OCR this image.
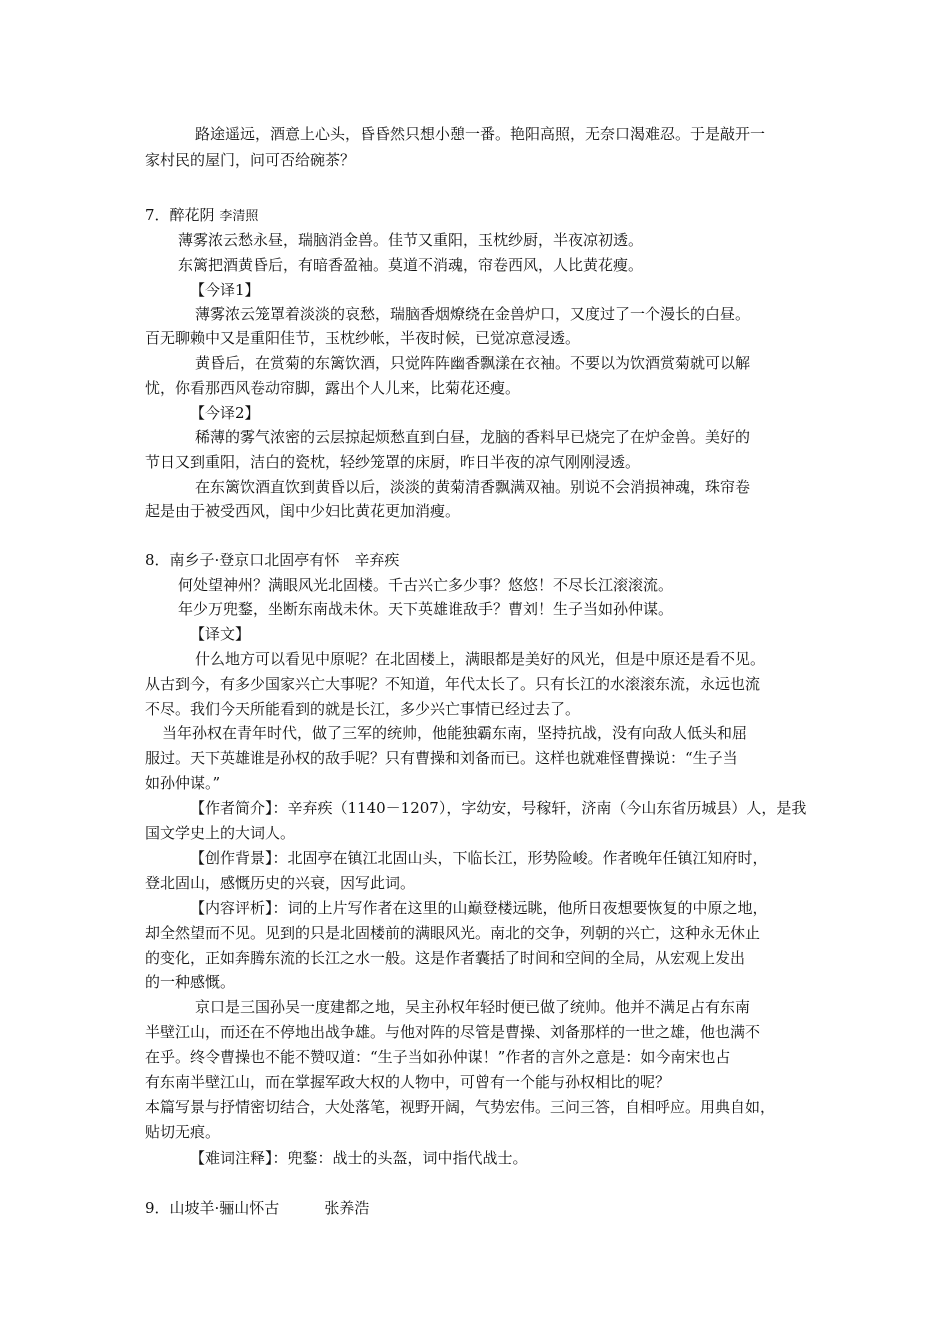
路途遥远，酒意上心头，昏昏然只想小憩一番。艳阳高照，无奈口渴难忍。于是敲开一
家村民的屋门，问可否给碗茶？
7．醉花阴 李清照
薄雾浓云愁永昼，瑞脑消金兽。佳节又重阳，玉枕纱厨，半夜凉初透。
东篱把酒黄昏后，有暗香盈袖。莫道不消魂，帘卷西风，人比黄花瘦。
【今译1】
薄雾浓云笼罩着淡淡的哀愁，瑞脑香烟燎绕在金兽炉口，又度过了一个漫长的白昼。
百无聊赖中又是重阳佳节，玉枕纱帐，半夜时候，已觉凉意浸透。
黄昏后，在赏菊的东篱饮酒，只觉阵阵幽香飘漾在衣袖。不要以为饮酒赏菊就可以解
忧，你看那西风卷动帘脚，露出个人儿来，比菊花还瘦。
【今译2】
稀薄的雾气浓密的云层掠起烦愁直到白昼，龙脑的香料早已烧完了在炉金兽。美好的
节日又到重阳，洁白的瓷枕，轻纱笼罩的床厨，昨日半夜的凉气刚刚浸透。
在东篱饮酒直饮到黄昏以后，淡淡的黄菊清香飘满双袖。别说不会消损神魂，珠帘卷
起是由于被受西风，闺中少妇比黄花更加消瘦。
8．南乡子·登京口北固亭有怀　辛弃疾
何处望神州？满眼风光北固楼。千古兴亡多少事？悠悠！不尽长江滚滚流。
年少万兜鍪，坐断东南战未休。天下英雄谁敌手？曹刘！生子当如孙仲谋。
【译文】
什么地方可以看见中原呢？在北固楼上，满眼都是美好的风光，但是中原还是看不见。
从古到今，有多少国家兴亡大事呢？不知道，年代太长了。只有长江的水滚滚东流，永远也流
不尽。我们今天所能看到的就是长江，多少兴亡事情已经过去了。
当年孙权在青年时代，做了三军的统帅，他能独霸东南，坚持抗战，没有向敌人低头和屈
服过。天下英雄谁是孙权的敌手呢？只有曹操和刘备而已。这样也就难怪曹操说：“生子当
如孙仲谋。”
【作者简介】：辛弃疾（1140－1207），字幼安，号稼轩，济南（今山东省历城县）人，是我
国文学史上的大词人。
【创作背景】：北固亭在镇江北固山头，下临长江，形势险峻。作者晚年任镇江知府时，
登北固山，感慨历史的兴衰，因写此词。
【内容评析】：词的上片写作者在这里的山巅登楼远眺，他所日夜想要恢复的中原之地，
却全然望而不见。见到的只是北固楼前的满眼风光。南北的交争，列朝的兴亡，这种永无休止
的变化，正如奔腾东流的长江之水一般。这是作者囊括了时间和空间的全局，从宏观上发出
的一种感慨。
京口是三国孙吴一度建都之地，吴主孙权年轻时便已做了统帅。他并不满足占有东南
半壁江山，而还在不停地出战争雄。与他对阵的尽管是曹操、刘备那样的一世之雄，他也满不
在乎。终令曹操也不能不赞叹道：“生子当如孙仲谋！”作者的言外之意是：如今南宋也占
有东南半壁江山，而在掌握军政大权的人物中，可曾有一个能与孙权相比的呢？
本篇写景与抒情密切结合，大处落笔，视野开阔，气势宏伟。三问三答，自相呼应。用典自如，
贴切无痕。
【难词注释】：兜鍪：战士的头盔，词中指代战士。
9．山坡羊·骊山怀古　　　张养浩
